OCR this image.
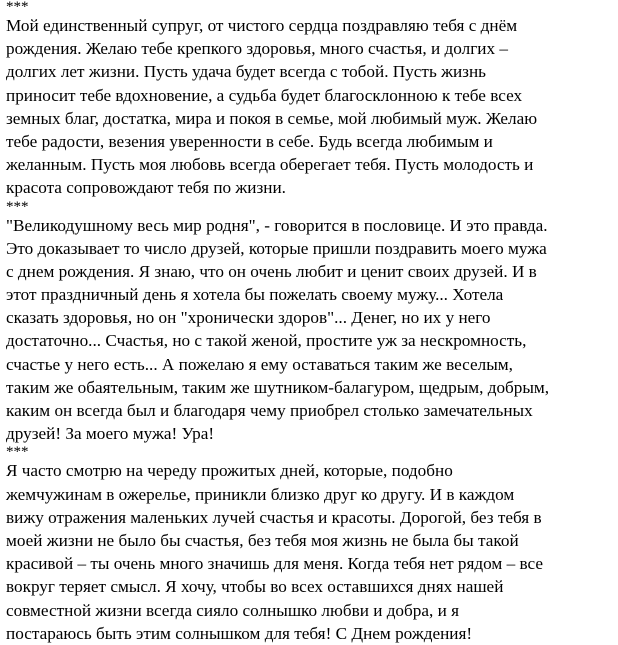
***
Мой единственный супруг, от чистого сердца поздравляю тебя с днём
рождения. Желаю тебе крепкого здоровья, много счастья, и долгих –
долгих лет жизни. Пусть удача будет всегда с тобой. Пусть жизнь
приносит тебе вдохновение, а судьба будет благосклонною к тебе всех
земных благ, достатка, мира и покоя в семье, мой любимый муж. Желаю
тебе радости, везения уверенности в себе. Будь всегда любимым и
желанным. Пусть моя любовь всегда оберегает тебя. Пусть молодость и
красота сопровождают тебя по жизни.
***
"Великодушному весь мир родня", - говорится в пословице. И это правда.
Это доказывает то число друзей, которые пришли поздравить моего мужа
с днем рождения. Я знаю, что он очень любит и ценит своих друзей. И в
этот праздничный день я хотела бы пожелать своему мужу... Хотела
сказать здоровья, но он "хронически здоров"... Денег, но их у него
достаточно... Счастья, но с такой женой, простите уж за нескромность,
счастье у него есть... А пожелаю я ему оставаться таким же веселым,
таким же обаятельным, таким же шутником-балагуром, щедрым, добрым,
каким он всегда был и благодаря чему приобрел столько замечательных
друзей! За моего мужа! Ура!
***
Я часто смотрю на череду прожитых дней, которые, подобно
жемчужинам в ожерелье, приникли близко друг ко другу. И в каждом
вижу отражения маленьких лучей счастья и красоты. Дорогой, без тебя в
моей жизни не было бы счастья, без тебя моя жизнь не была бы такой
красивой – ты очень много значишь для меня. Когда тебя нет рядом – все
вокруг теряет смысл. Я хочу, чтобы во всех оставшихся днях нашей
совместной жизни всегда сияло солнышко любви и добра, и я
постараюсь быть этим солнышком для тебя! С Днем рождения!
